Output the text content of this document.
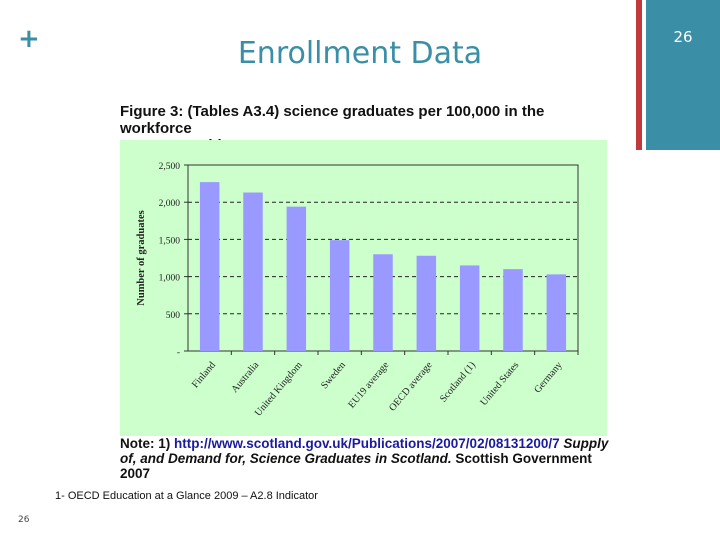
+	Enrollment Data	26
Figure 3: (Tables A3.4) science graduates per 100,000 in the workforce
-
500
1,000
1,500
2,000
2,500
Number of graduates
Finland Australia
United Kingdom Sweden
EU19 average
OECD average Scotland (1) United States Germany
Note: 1) http://www.scotland.gov.uk/Publications/2007/02/08131200/7 Supply of, and Demand for, Science Graduates in Scotland. Scottish Government 2007
1- OECD Education at a Glance 2009 – A2.8 Indicator
26
